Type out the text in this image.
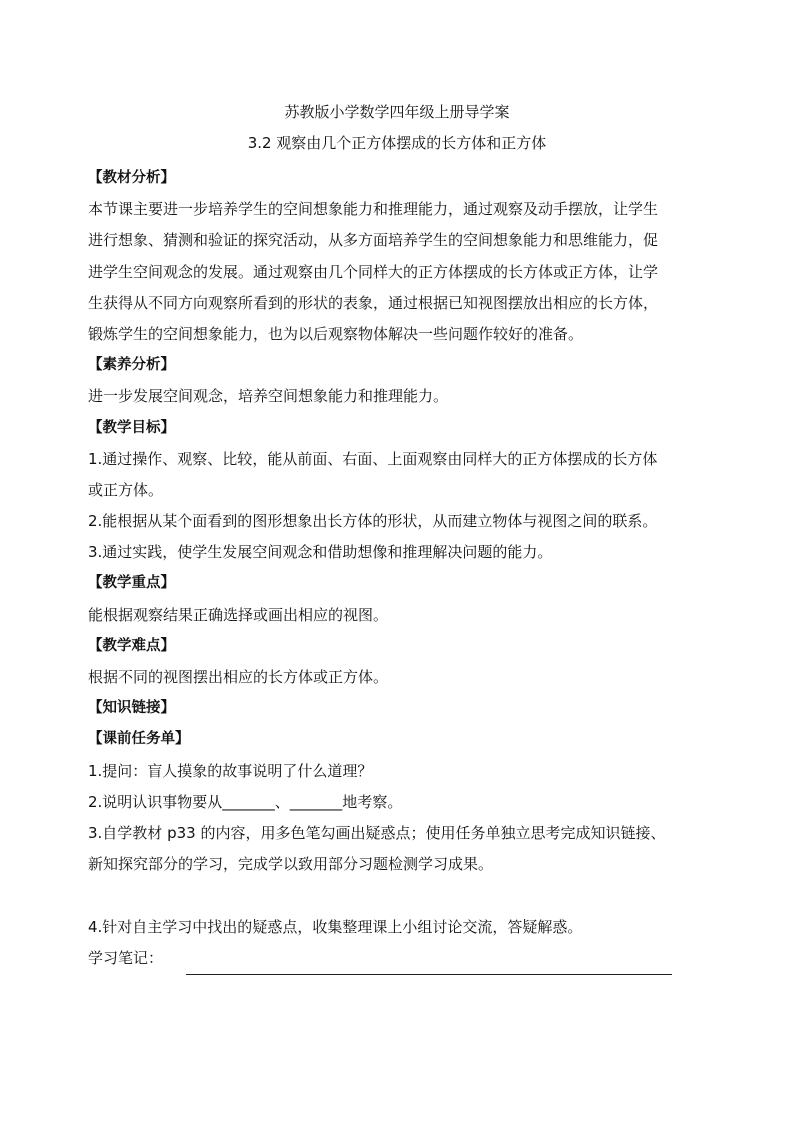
苏教版小学数学四年级上册导学案
3.2 观察由几个正方体摆成的长方体和正方体
【教材分析】
本节课主要进一步培养学生的空间想象能力和推理能力，通过观察及动手摆放，让学生
进行想象、猜测和验证的探究活动，从多方面培养学生的空间想象能力和思维能力，促
进学生空间观念的发展。通过观察由几个同样大的正方体摆成的长方体或正方体，让学
生获得从不同方向观察所看到的形状的表象，通过根据已知视图摆放出相应的长方体，
锻炼学生的空间想象能力，也为以后观察物体解决一些问题作较好的准备。
【素养分析】
进一步发展空间观念，培养空间想象能力和推理能力。
【教学目标】
1.通过操作、观察、比较，能从前面、右面、上面观察由同样大的正方体摆成的长方体
或正方体。
2.能根据从某个面看到的图形想象出长方体的形状，从而建立物体与视图之间的联系。
3.通过实践，使学生发展空间观念和借助想像和推理解决问题的能力。
【教学重点】
能根据观察结果正确选择或画出相应的视图。
【教学难点】
根据不同的视图摆出相应的长方体或正方体。
【知识链接】
【课前任务单】
1.提问：盲人摸象的故事说明了什么道理？
2.说明认识事物要从_______、_______地考察。
3.自学教材 p33 的内容，用多色笔勾画出疑惑点；使用任务单独立思考完成知识链接、
新知探究部分的学习，完成学以致用部分习题检测学习成果。
4.针对自主学习中找出的疑惑点，收集整理课上小组讨论交流，答疑解惑。
学习笔记：
